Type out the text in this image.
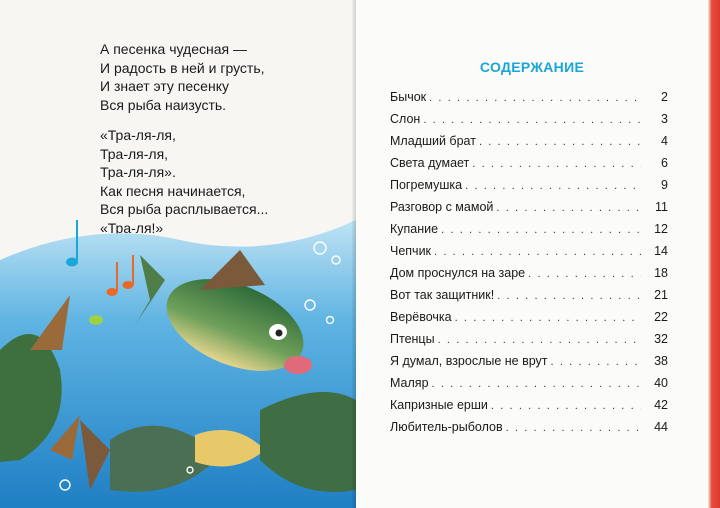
А песенка чудесная —
И радость в ней и грусть,
И знает эту песенку
Вся рыба наизусть.
«Тра-ля-ля,
Тра-ля-ля,
Тра-ля-ля».
Как песня начинается,
Вся рыба расплывается...
«Тра-ля!»
СОДЕРЖАНИЕ
Бычок . . .	2
Слон . . .	3
Младший брат . . .	4
Света думает . . .	6
Погремушка . . .	9
Разговор с мамой . . .	11
Купание . . .	12
Чепчик . . .	14
Дом проснулся на заре . . .	18
Вот так защитник! . . .	21
Верёвочка . . .	22
Птенцы . . .	32
Я думал, взрослые не врут . . .	38
Маляр . . .	40
Капризные ерши . . .	42
Любитель-рыболов . . .	44
